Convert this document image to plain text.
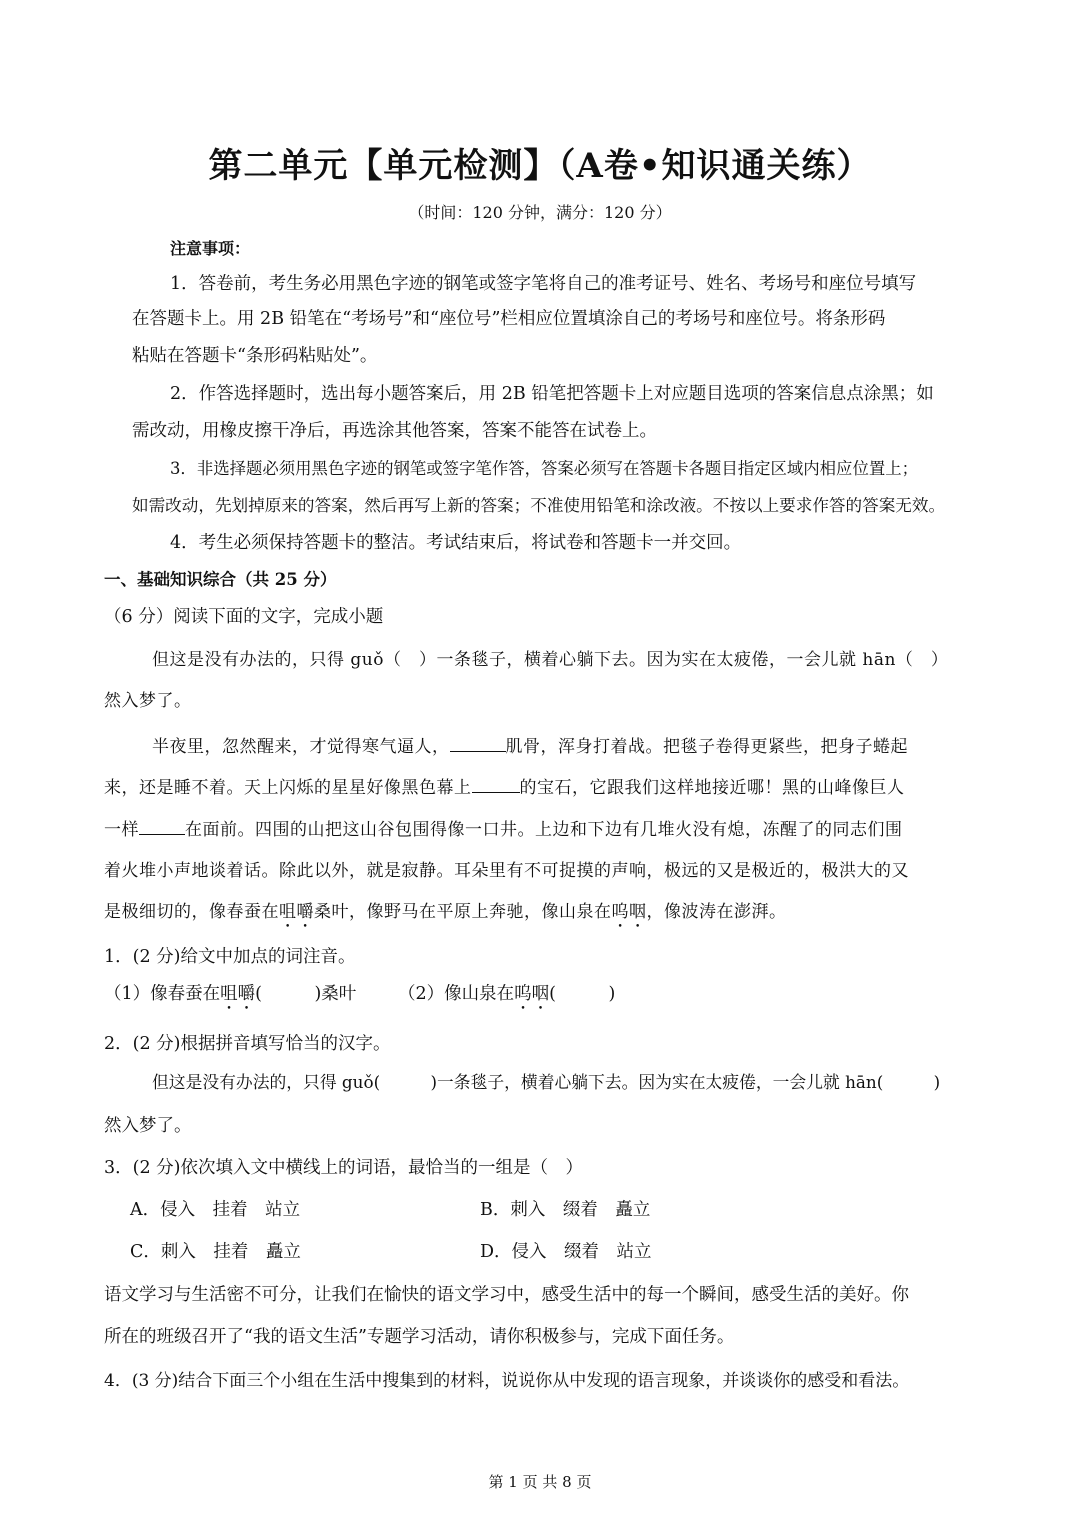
第二单元【单元检测】（A卷•知识通关练）
（时间：120 分钟，满分：120 分）
注意事项：
1．答卷前，考生务必用黑色字迹的钢笔或签字笔将自己的准考证号、姓名、考场号和座位号填写
在答题卡上。用 2B 铅笔在“考场号”和“座位号”栏相应位置填涂自己的考场号和座位号。将条形码
粘贴在答题卡“条形码粘贴处”。
2．作答选择题时，选出每小题答案后，用 2B 铅笔把答题卡上对应题目选项的答案信息点涂黑；如
需改动，用橡皮擦干净后，再选涂其他答案，答案不能答在试卷上。
3．非选择题必须用黑色字迹的钢笔或签字笔作答，答案必须写在答题卡各题目指定区域内相应位置上；
如需改动，先划掉原来的答案，然后再写上新的答案；不准使用铅笔和涂改液。不按以上要求作答的答案无效。
4．考生必须保持答题卡的整洁。考试结束后，将试卷和答题卡一并交回。
一、基础知识综合（共 25 分）
（6 分）阅读下面的文字，完成小题
但这是没有办法的，只得 guǒ（　）一条毯子，横着心躺下去。因为实在太疲倦，一会儿就 hān（　）
然入梦了。
半夜里，忽然醒来，才觉得寒气逼人，	肌骨，浑身打着战。把毯子卷得更紧些，把身子蜷起
来，还是睡不着。天上闪烁的星星好像黑色幕上	的宝石，它跟我们这样地接近哪！黑的山峰像巨人
一样	在面前。四围的山把这山谷包围得像一口井。上边和下边有几堆火没有熄，冻醒了的同志们围
着火堆小声地谈着话。除此以外，就是寂静。耳朵里有不可捉摸的声响，极远的又是极近的，极洪大的又
是极细切的，像春蚕在咀嚼桑叶，像野马在平原上奔驰，像山泉在呜咽，像波涛在澎湃。
1．(2 分)给文中加点的词注音。
（1）像春蚕在咀嚼(　　　)桑叶 （2）像山泉在呜咽(　　　)
2．(2 分)根据拼音填写恰当的汉字。
但这是没有办法的，只得 guǒ(　　　)一条毯子，横着心躺下去。因为实在太疲倦，一会儿就 hān(　　　)
然入梦了。
3．(2 分)依次填入文中横线上的词语，最恰当的一组是（　）
A．侵入　挂着　站立	B．刺入　缀着　矗立
C．刺入　挂着　矗立	D．侵入　缀着　站立
语文学习与生活密不可分，让我们在愉快的语文学习中，感受生活中的每一个瞬间，感受生活的美好。你
所在的班级召开了“我的语文生活”专题学习活动，请你积极参与，完成下面任务。
4．(3 分)结合下面三个小组在生活中搜集到的材料，说说你从中发现的语言现象，并谈谈你的感受和看法。
第 1 页 共 8 页
